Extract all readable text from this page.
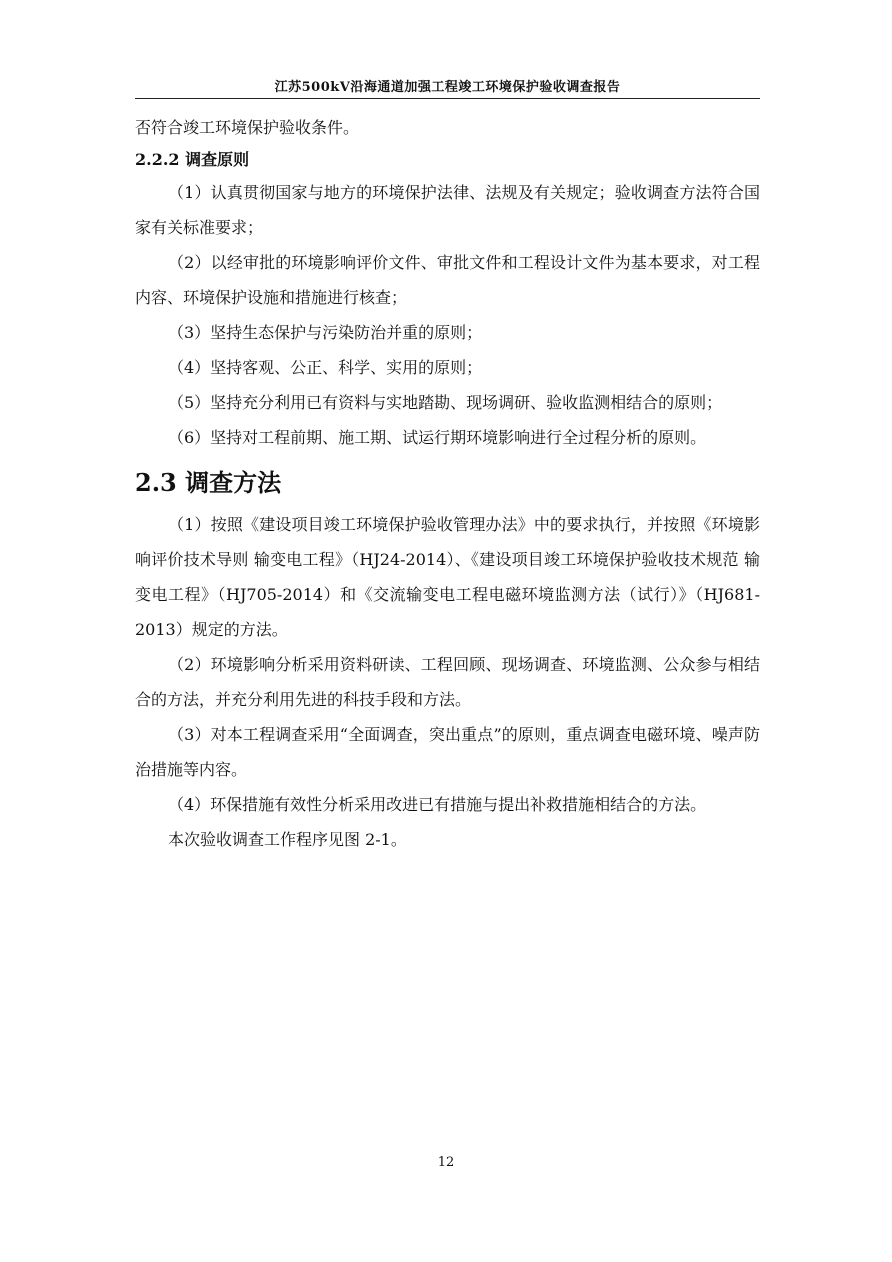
江苏500kV沿海通道加强工程竣工环境保护验收调查报告

否符合竣工环境保护验收条件。

2.2.2 调查原则

（1）认真贯彻国家与地方的环境保护法律、法规及有关规定；验收调查方法符合国家有关标准要求；

（2）以经审批的环境影响评价文件、审批文件和工程设计文件为基本要求，对工程内容、环境保护设施和措施进行核查；

（3）坚持生态保护与污染防治并重的原则；

（4）坚持客观、公正、科学、实用的原则；

（5）坚持充分利用已有资料与实地踏勘、现场调研、验收监测相结合的原则；

（6）坚持对工程前期、施工期、试运行期环境影响进行全过程分析的原则。

2.3 调查方法

（1）按照《建设项目竣工环境保护验收管理办法》中的要求执行，并按照《环境影响评价技术导则 输变电工程》（HJ24-2014）、《建设项目竣工环境保护验收技术规范 输变电工程》（HJ705-2014）和《交流输变电工程电磁环境监测方法（试行）》（HJ681-2013）规定的方法。

（2）环境影响分析采用资料研读、工程回顾、现场调查、环境监测、公众参与相结合的方法，并充分利用先进的科技手段和方法。

（3）对本工程调查采用“全面调查，突出重点”的原则，重点调查电磁环境、噪声防治措施等内容。

（4）环保措施有效性分析采用改进已有措施与提出补救措施相结合的方法。

本次验收调查工作程序见图 2-1。

12
